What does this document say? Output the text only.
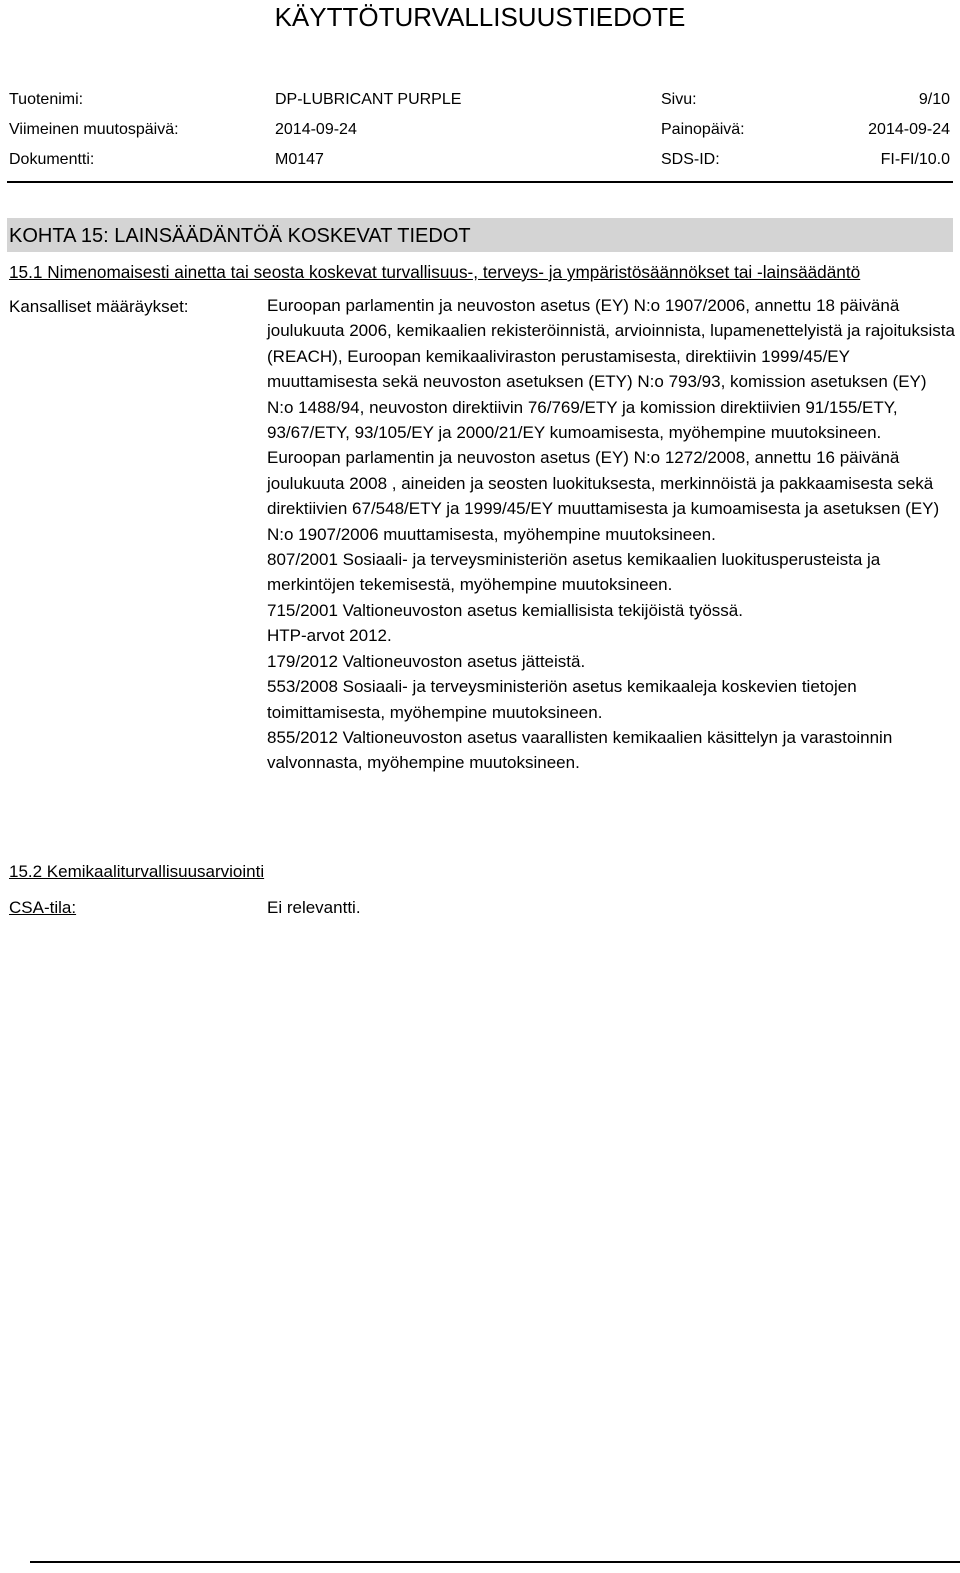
KÄYTTÖTURVALLISUUSTIEDOTE
Tuotenimi:	DP-LUBRICANT PURPLE	Sivu:	9/10
Viimeinen muutospäivä:	2014-09-24	Painopäivä:	2014-09-24
Dokumentti:	M0147	SDS-ID:	FI-FI/10.0
KOHTA 15: LAINSÄÄDÄNTÖÄ KOSKEVAT TIEDOT
15.1 Nimenomaisesti ainetta tai seosta koskevat turvallisuus-, terveys- ja ympäristösäännökset tai -lainsäädäntö
Kansalliset määräykset:	Euroopan parlamentin ja neuvoston asetus (EY) N:o 1907/2006, annettu 18 päivänä joulukuuta 2006, kemikaalien rekisteröinnistä, arvioinnista, lupamenettelyistä ja rajoituksista (REACH), Euroopan kemikaaliviraston perustamisesta, direktiivin 1999/45/EY muuttamisesta sekä neuvoston asetuksen (ETY) N:o 793/93, komission asetuksen (EY) N:o 1488/94, neuvoston direktiivin 76/769/ETY ja komission direktiivien 91/155/ETY, 93/67/ETY, 93/105/EY ja 2000/21/EY kumoamisesta, myöhempine muutoksineen.

Euroopan parlamentin ja neuvoston asetus (EY) N:o 1272/2008, annettu 16 päivänä joulukuuta 2008 , aineiden ja seosten luokituksesta, merkinnöistä ja pakkaamisesta sekä direktiivien 67/548/ETY ja 1999/45/EY muuttamisesta ja kumoamisesta ja asetuksen (EY) N:o 1907/2006 muuttamisesta, myöhempine muutoksineen.

807/2001 Sosiaali- ja terveysministeriön asetus kemikaalien luokitusperusteista ja merkintöjen tekemisestä, myöhempine muutoksineen.

715/2001 Valtioneuvoston asetus kemiallisista tekijöistä työssä.

HTP-arvot 2012.

179/2012 Valtioneuvoston asetus jätteistä.

553/2008 Sosiaali- ja terveysministeriön asetus kemikaaleja koskevien tietojen toimittamisesta, myöhempine muutoksineen.

855/2012 Valtioneuvoston asetus vaarallisten kemikaalien käsittelyn ja varastoinnin valvonnasta, myöhempine muutoksineen.

15.2 Kemikaaliturvallisuusarviointi
CSA-tila:	Ei relevantti.
